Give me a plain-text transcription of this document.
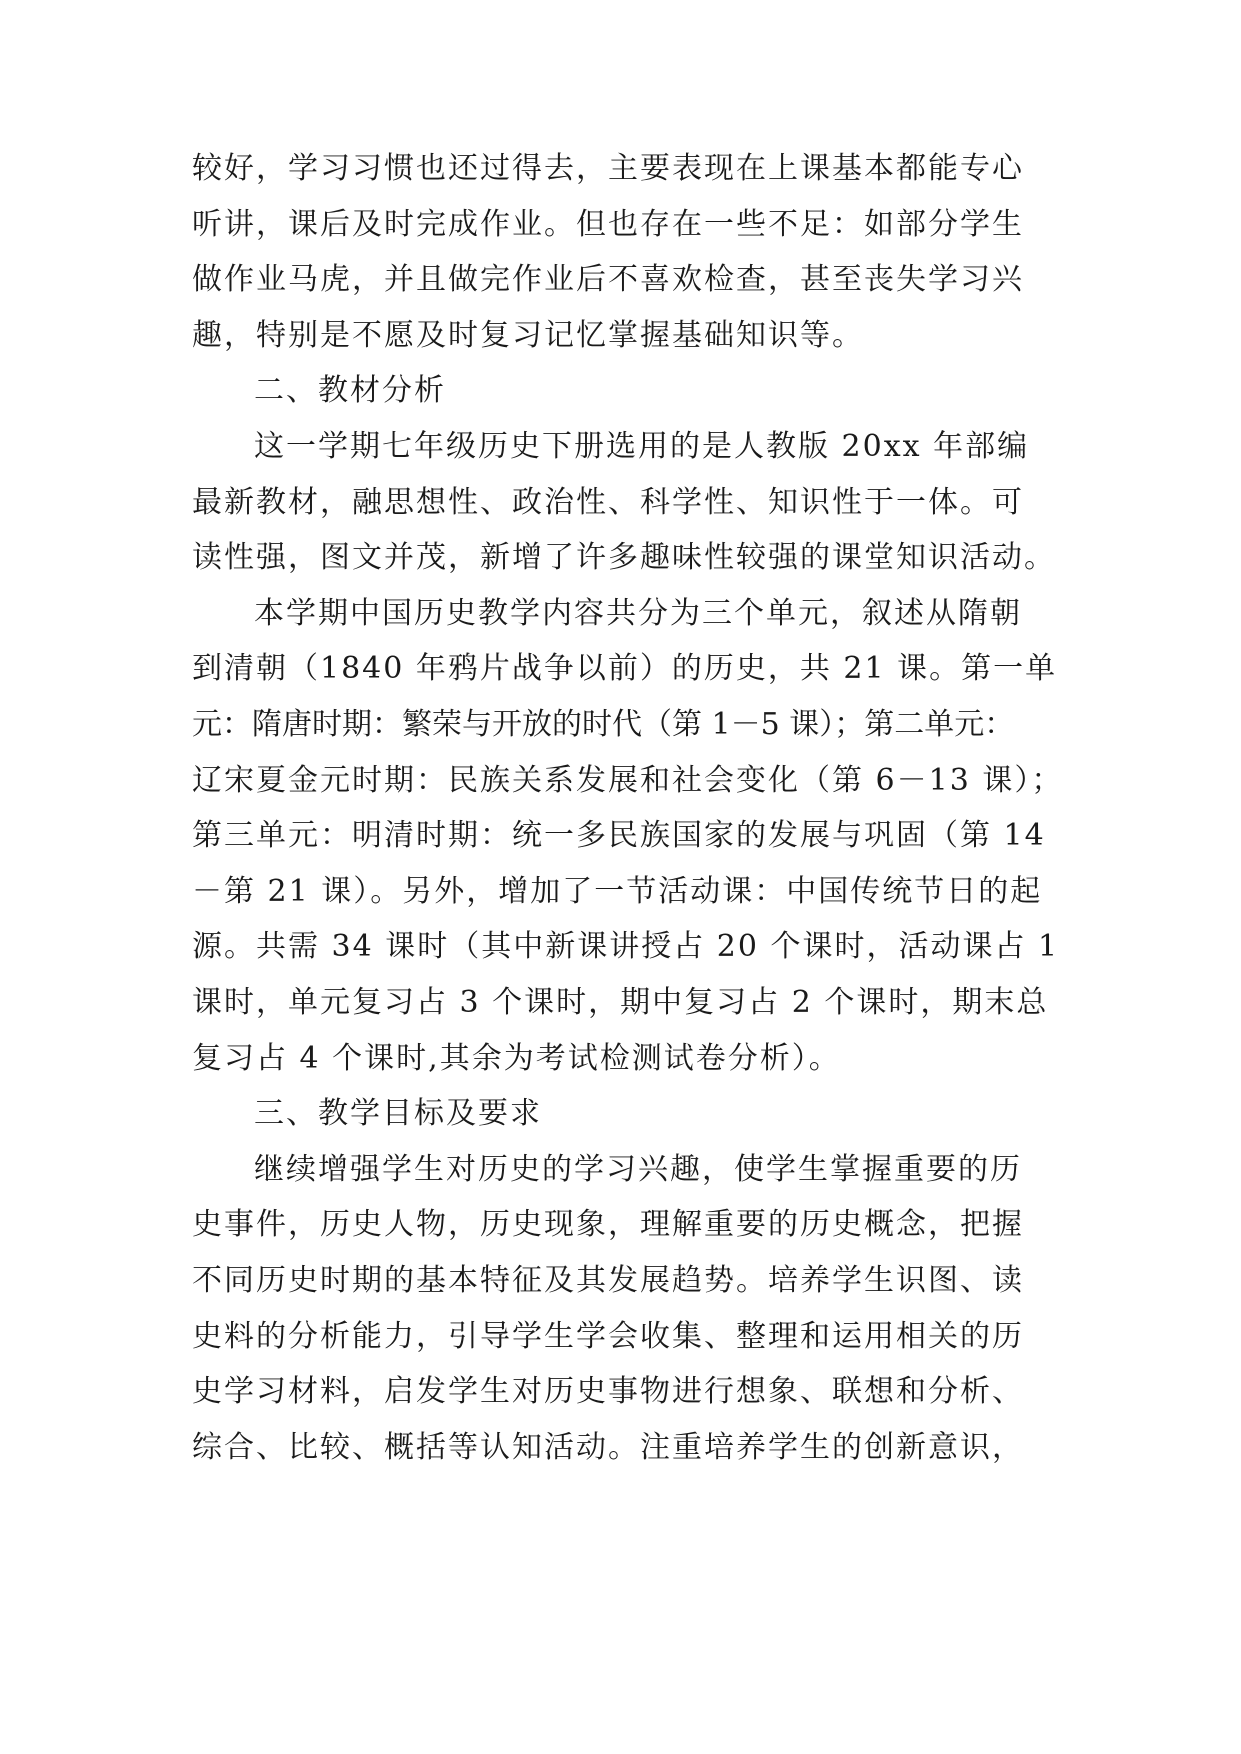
较好，学习习惯也还过得去，主要表现在上课基本都能专心
听讲，课后及时完成作业。但也存在一些不足：如部分学生
做作业马虎，并且做完作业后不喜欢检查，甚至丧失学习兴
趣，特别是不愿及时复习记忆掌握基础知识等。
二、教材分析
这一学期七年级历史下册选用的是人教版 20xx 年部编
最新教材，融思想性、政治性、科学性、知识性于一体。可
读性强，图文并茂，新增了许多趣味性较强的课堂知识活动。
本学期中国历史教学内容共分为三个单元，叙述从隋朝
到清朝（1840 年鸦片战争以前）的历史，共 21 课。第一单
元：隋唐时期：繁荣与开放的时代（第 1－5 课）；第二单元：
辽宋夏金元时期：民族关系发展和社会变化（第 6－13 课）；
第三单元：明清时期：统一多民族国家的发展与巩固（第 14
－第 21 课）。另外，增加了一节活动课：中国传统节日的起
源。共需 34 课时（其中新课讲授占 20 个课时，活动课占 1
课时，单元复习占 3 个课时，期中复习占 2 个课时，期末总
复习占 4 个课时,其余为考试检测试卷分析）。
三、教学目标及要求
继续增强学生对历史的学习兴趣，使学生掌握重要的历
史事件，历史人物，历史现象，理解重要的历史概念，把握
不同历史时期的基本特征及其发展趋势。培养学生识图、读
史料的分析能力，引导学生学会收集、整理和运用相关的历
史学习材料，启发学生对历史事物进行想象、联想和分析、
综合、比较、概括等认知活动。注重培养学生的创新意识，
